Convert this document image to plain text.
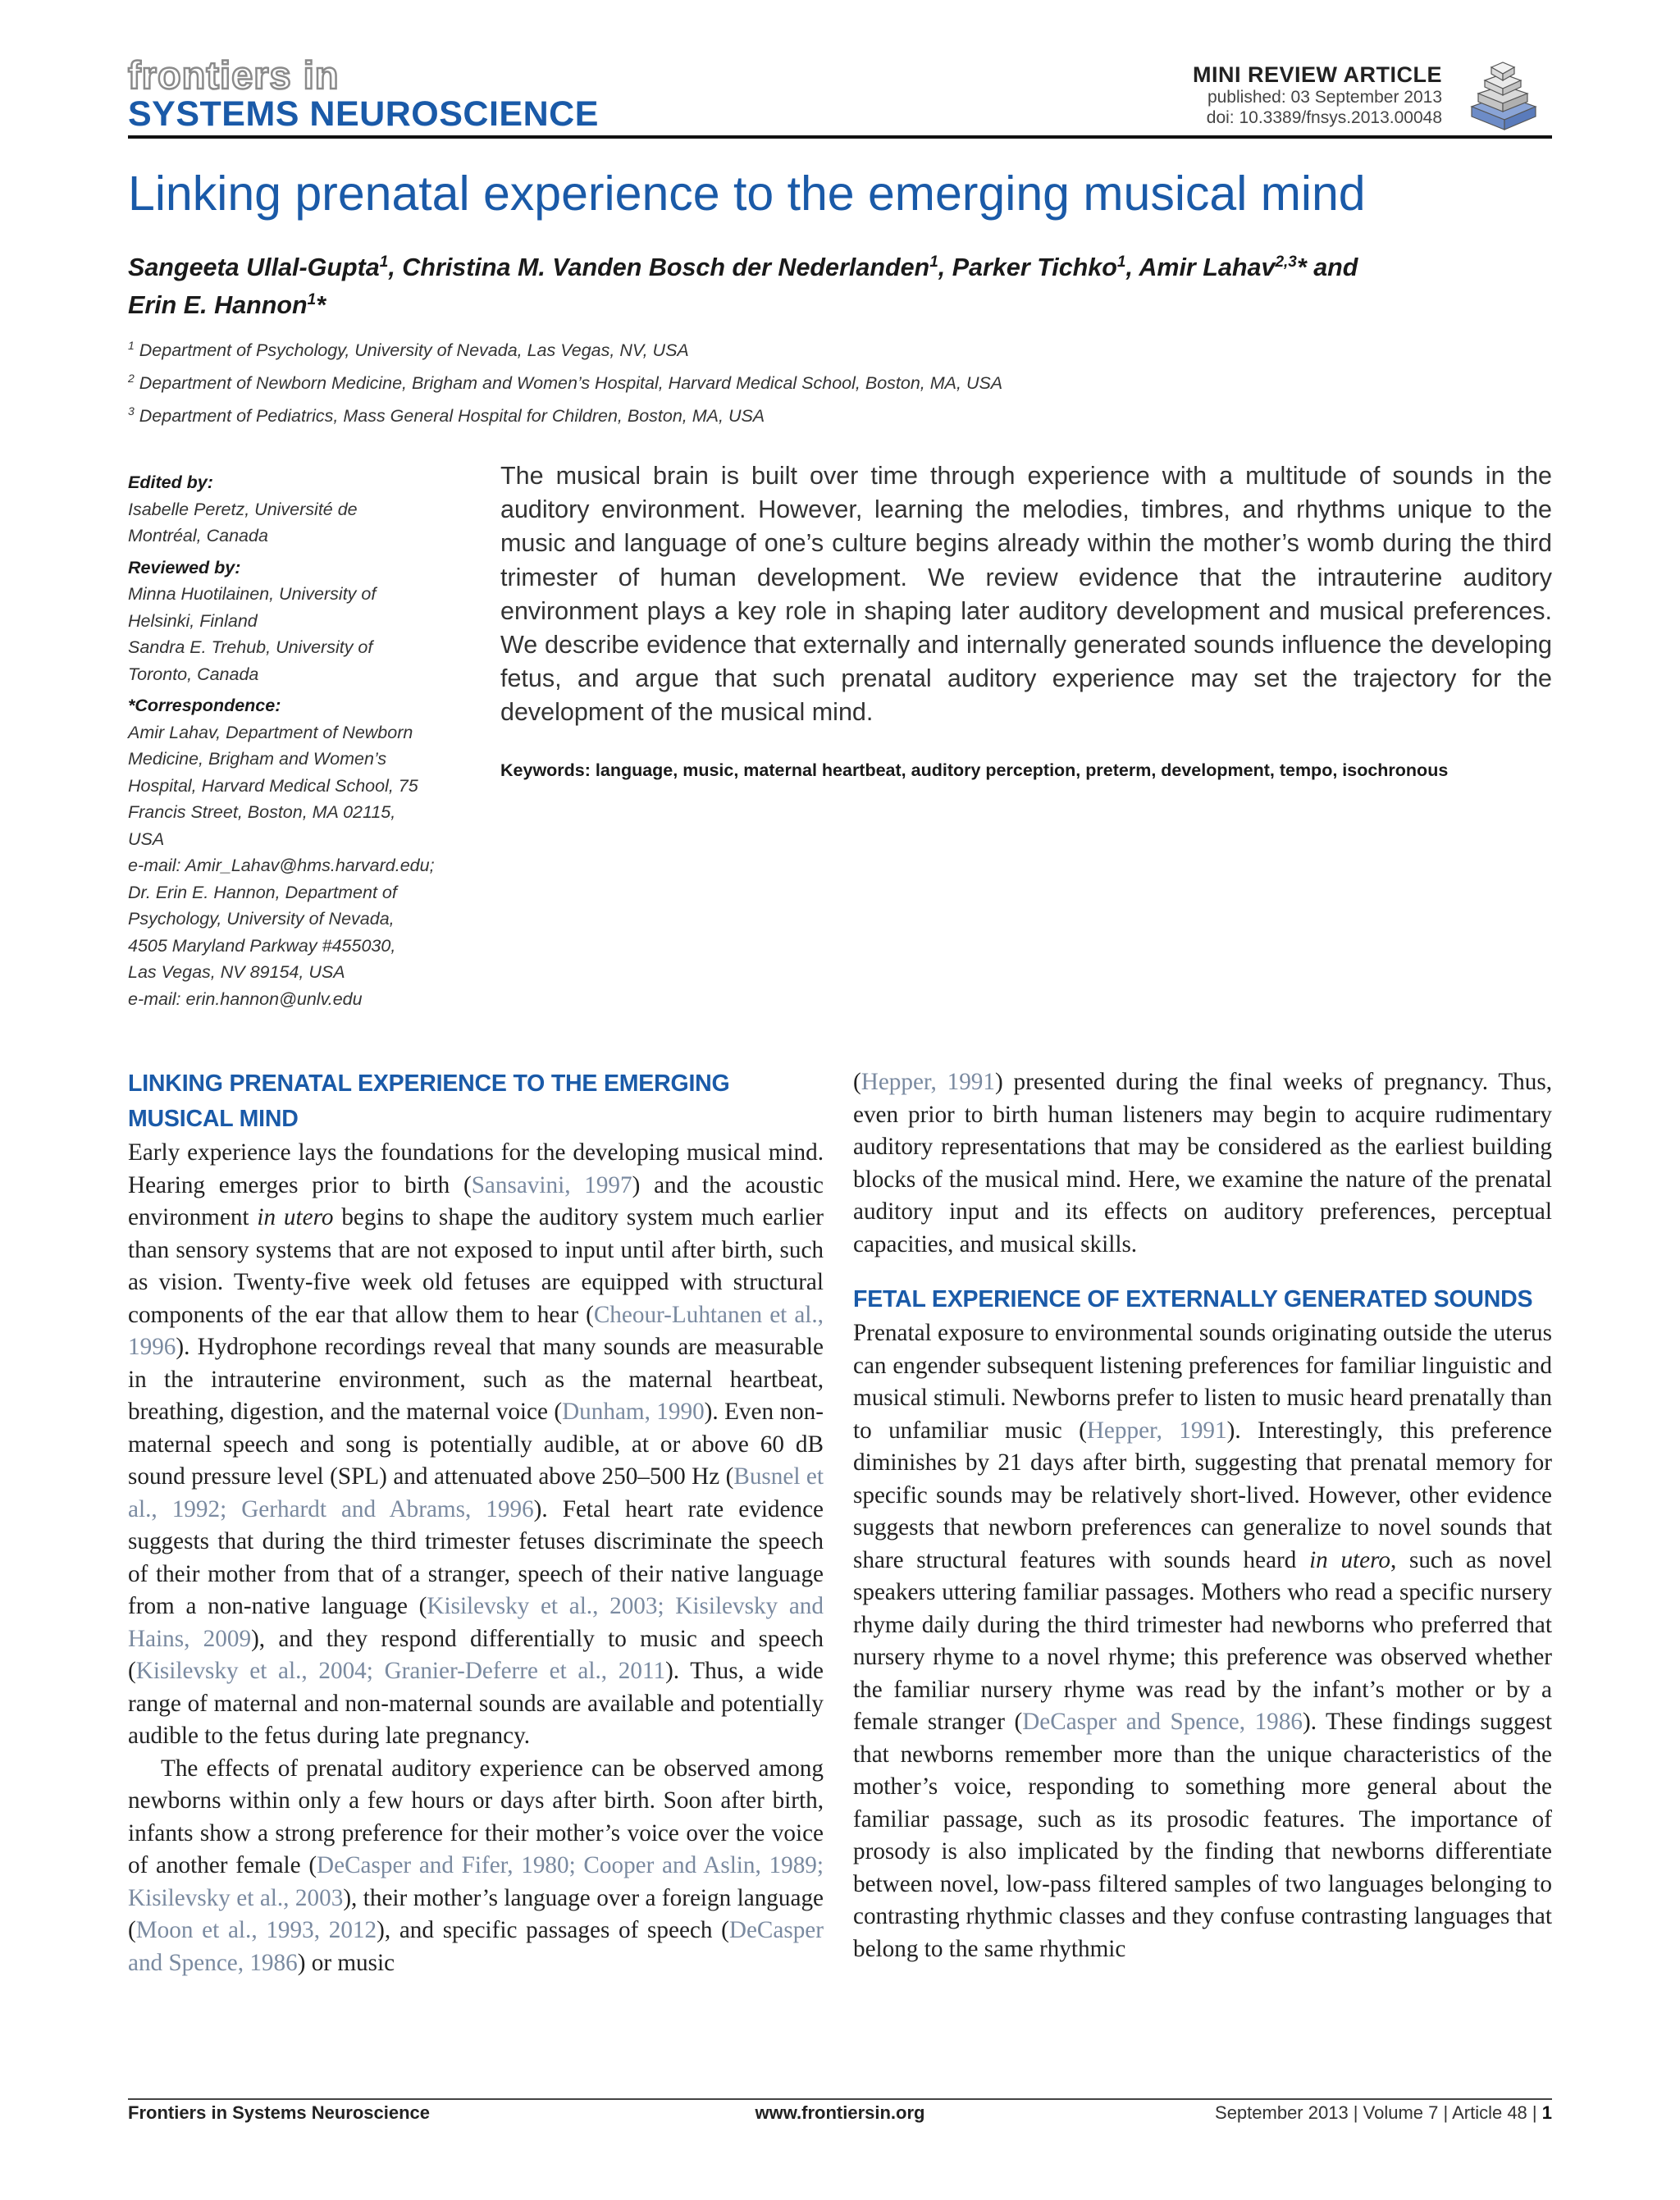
frontiers in
SYSTEMS NEUROSCIENCE
MINI REVIEW ARTICLE
published: 03 September 2013
doi: 10.3389/fnsys.2013.00048
Linking prenatal experience to the emerging musical mind
Sangeeta Ullal-Gupta$^1$, Christina M. Vanden Bosch der Nederlanden$^1$, Parker Tichko$^1$, Amir Lahav$^{2,3}$* and
Erin E. Hannon$^1$*
$^1$ Department of Psychology, University of Nevada, Las Vegas, NV, USA
$^2$ Department of Newborn Medicine, Brigham and Women’s Hospital, Harvard Medical School, Boston, MA, USA
$^3$ Department of Pediatrics, Mass General Hospital for Children, Boston, MA, USA
Edited by:
Isabelle Peretz, Université de
Montréal, Canada
Reviewed by:
Minna Huotilainen, University of
Helsinki, Finland
Sandra E. Trehub, University of
Toronto, Canada
*Correspondence:
Amir Lahav, Department of Newborn
Medicine, Brigham and Women’s
Hospital, Harvard Medical School, 75
Francis Street, Boston, MA 02115,
USA
e-mail: Amir_Lahav@hms.harvard.edu;
Dr. Erin E. Hannon, Department of
Psychology, University of Nevada,
4505 Maryland Parkway #455030,
Las Vegas, NV 89154, USA
e-mail: erin.hannon@unlv.edu
The musical brain is built over time through experience with a multitude of sounds in the auditory environment. However, learning the melodies, timbres, and rhythms unique to the music and language of one’s culture begins already within the mother’s womb during the third trimester of human development. We review evidence that the intrauterine auditory environment plays a key role in shaping later auditory development and musical preferences. We describe evidence that externally and internally generated sounds influence the developing fetus, and argue that such prenatal auditory experience may set the trajectory for the development of the musical mind.
Keywords: language, music, maternal heartbeat, auditory perception, preterm, development, tempo, isochronous
LINKING PRENATAL EXPERIENCE TO THE EMERGING MUSICAL MIND

Early experience lays the foundations for the developing musical mind. Hearing emerges prior to birth (Sansavini, 1997) and the acoustic environment in utero begins to shape the auditory system much earlier than sensory systems that are not exposed to input until after birth, such as vision. Twenty-five week old fetuses are equipped with structural components of the ear that allow them to hear (Cheour-Luhtanen et al., 1996). Hydrophone recordings reveal that many sounds are measurable in the intrauterine environment, such as the maternal heartbeat, breathing, digestion, and the maternal voice (Dunham, 1990). Even non-maternal speech and song is potentially audible, at or above 60 dB sound pressure level (SPL) and attenuated above 250–500 Hz (Busnel et al., 1992; Gerhardt and Abrams, 1996). Fetal heart rate evidence suggests that during the third trimester fetuses discriminate the speech of their mother from that of a stranger, speech of their native language from a non-native language (Kisilevsky et al., 2003; Kisilevsky and Hains, 2009), and they respond differentially to music and speech (Kisilevsky et al., 2004; Granier-Deferre et al., 2011). Thus, a wide range of maternal and non-maternal sounds are available and potentially audible to the fetus during late pregnancy.

The effects of prenatal auditory experience can be observed among newborns within only a few hours or days after birth. Soon after birth, infants show a strong preference for their mother’s voice over the voice of another female (DeCasper and Fifer, 1980; Cooper and Aslin, 1989; Kisilevsky et al., 2003), their mother’s language over a foreign language (Moon et al., 1993, 2012), and specific passages of speech (DeCasper and Spence, 1986) or music

(Hepper, 1991) presented during the final weeks of pregnancy. Thus, even prior to birth human listeners may begin to acquire rudimentary auditory representations that may be considered as the earliest building blocks of the musical mind. Here, we examine the nature of the prenatal auditory input and its effects on auditory preferences, perceptual capacities, and musical skills.

FETAL EXPERIENCE OF EXTERNALLY GENERATED SOUNDS

Prenatal exposure to environmental sounds originating outside the uterus can engender subsequent listening preferences for familiar linguistic and musical stimuli. Newborns prefer to listen to music heard prenatally than to unfamiliar music (Hepper, 1991). Interestingly, this preference diminishes by 21 days after birth, suggesting that prenatal memory for specific sounds may be relatively short-lived. However, other evidence suggests that newborn preferences can generalize to novel sounds that share structural features with sounds heard in utero, such as novel speakers uttering familiar passages. Mothers who read a specific nursery rhyme daily during the third trimester had newborns who preferred that nursery rhyme to a novel rhyme; this preference was observed whether the familiar nursery rhyme was read by the infant’s mother or by a female stranger (DeCasper and Spence, 1986). These findings suggest that newborns remember more than the unique characteristics of the mother’s voice, responding to something more general about the familiar passage, such as its prosodic features. The importance of prosody is also implicated by the finding that newborns differentiate between novel, low-pass filtered samples of two languages belonging to contrasting rhythmic classes and they confuse contrasting languages that belong to the same rhythmic

Frontiers in Systems Neuroscience	www.frontiersin.org	September 2013 | Volume 7 | Article 48 | 1
